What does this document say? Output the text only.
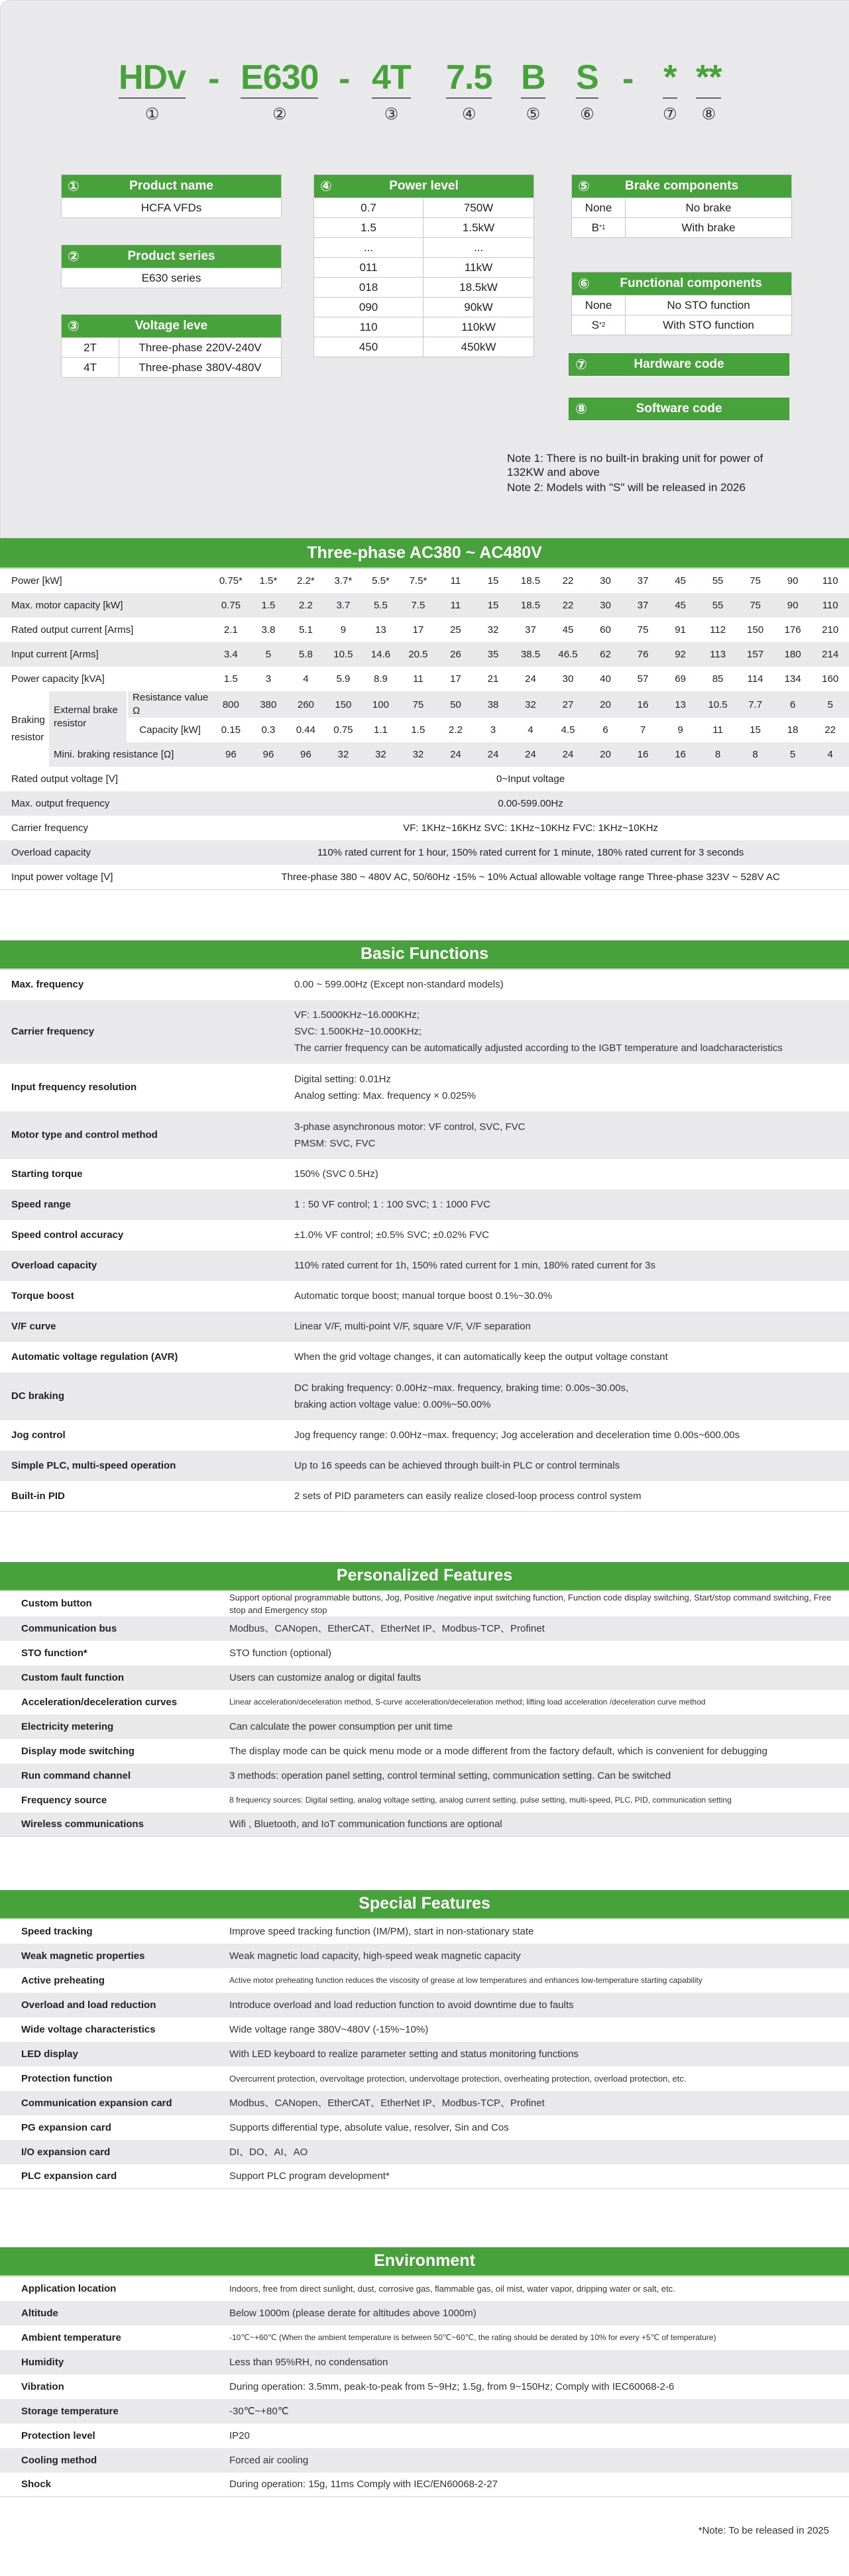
HDv
①
- E630
②
- 4T
③
7.5
④
B
⑤
S
⑥
- *
⑦
**
⑧
①	Product name
HCFA VFDs
②	Product series
E630 series
③	Voltage leve
2T	Three-phase 220V-240V
4T	Three-phase 380V-480V
④	Power level
0.7	750W
1.5	1.5kW
...	...
011	11kW
018	18.5kW
090	90kW
110	110kW
450	450kW
⑤	Brake components
None	No brake
B *1	With brake
⑥	Functional components
None	No STO function
S *2	With STO function
⑦	Hardware code
⑧	Software code
Note 1: There is no built-in braking unit for power of 132KW and above
Note 2: Models with "S" will be released in 2026
Three-phase AC380 ~ AC480V
Power [kW]			0.75*	1.5*	2.2*	3.7*	5.5*	7.5*	11	15	18.5	22	30	37	45	55	75	90	110
Max. motor capacity [kW]			0.75	1.5	2.2	3.7	5.5	7.5	11	15	18.5	22	30	37	45	55	75	90	110
Rated output current [Arms]			2.1	3.8	5.1	9	13	17	25	32	37	45	60	75	91	112	150	176	210
Input current [Arms]			3.4	5	5.8	10.5	14.6	20.5	26	35	38.5	46.5	62	76	92	113	157	180	214
Power capacity [kVA]			1.5	3	4	5.9	8.9	11	17	21	24	30	40	57	69	85	114	134	160
Braking resistor	External brake resistor	Resistance value Ω	800	380	260	150	100	75	50	38	32	27	20	16	13	10.5	7.7	6	5
		Capacity [kW]	0.15	0.3	0.44	0.75	1.1	1.5	2.2	3	4	4.5	6	7	9	11	15	18	22
	Mini. braking resistance [Ω]		96	96	96	32	32	32	24	24	24	24	20	16	16	8	8	5	4
Rated output voltage [V]			0~Input voltage																
Max. output frequency			0.00-599.00Hz																
Carrier frequency			VF: 1KHz~16KHz SVC: 1KHz~10KHz FVC: 1KHz~10KHz																
Overload capacity			110% rated current for 1 hour, 150% rated current for 1 minute, 180% rated current for 3 seconds																
Input power voltage [V]			Three-phase 380 ~ 480V AC, 50/60Hz -15% ~ 10% Actual allowable voltage range Three-phase 323V ~ 528V AC																
Basic Functions
Max. frequency	0.00 ~ 599.00Hz (Except non-standard models)
Carrier frequency
VF: 1.5000KHz~16.000KHz;
SVC: 1.500KHz~10.000KHz;
The carrier frequency can be automatically adjusted according to the IGBT temperature and loadcharacteristics
Input frequency resolution
Digital setting: 0.01Hz
Analog setting: Max. frequency × 0.025%
Motor type and control method
3-phase asynchronous motor: VF control, SVC, FVC
PMSM: SVC, FVC
Starting torque	150% (SVC 0.5Hz)
Speed range	1 : 50 VF control; 1 : 100 SVC; 1 : 1000 FVC
Speed control accuracy	±1.0% VF control; ±0.5% SVC; ±0.02% FVC
Overload capacity	110% rated current for 1h, 150% rated current for 1 min, 180% rated current for 3s
Torque boost	Automatic torque boost; manual torque boost 0.1%~30.0%
V/F curve	Linear V/F, multi-point V/F, square V/F, V/F separation
Automatic voltage regulation (AVR)	When the grid voltage changes, it can automatically keep the output voltage constant
DC braking
DC braking frequency: 0.00Hz~max. frequency, braking time: 0.00s~30.00s,
braking action voltage value: 0.00%~50.00%
Jog control	Jog frequency range: 0.00Hz~max. frequency; Jog acceleration and deceleration time 0.00s~600.00s
Simple PLC, multi-speed operation	Up to 16 speeds can be achieved through built-in PLC or control terminals
Built-in PID	2 sets of PID parameters can easily realize closed-loop process control system
Personalized Features
Custom button
Support optional programmable buttons, Jog, Positive /negative input switching function, Function code display switching, Start/stop command switching, Free stop and Emergency stop
Communication bus	Modbus、CANopen、EtherCAT、EtherNet IP、Modbus-TCP、Profinet
STO function*	STO function (optional)
Custom fault function	Users can customize analog or digital faults
Acceleration/deceleration curves	Linear acceleration/deceleration method, S-curve acceleration/deceleration method; lifting load acceleration /deceleration curve method
Electricity metering	Can calculate the power consumption per unit time
Display mode switching	The display mode can be quick menu mode or a mode different from the factory default, which is convenient for debugging
Run command channel	3 methods: operation panel setting, control terminal setting, communication setting. Can be switched
Frequency source	8 frequency sources: Digital setting, analog voltage setting, analog current setting, pulse setting, multi-speed, PLC, PID, communication setting
Wireless communications	Wifi , Bluetooth, and IoT communication functions are optional
Special Features
Speed tracking	Improve speed tracking function (IM/PM), start in non-stationary state
Weak magnetic properties	Weak magnetic load capacity, high-speed weak magnetic capacity
Active preheating	Active motor preheating function reduces the viscosity of grease at low temperatures and enhances low-temperature starting capability
Overload and load reduction	Introduce overload and load reduction function to avoid downtime due to faults
Wide voltage characteristics	Wide voltage range 380V~480V (-15%~10%)
LED display	With LED keyboard to realize parameter setting and status monitoring functions
Protection function	Overcurrent protection, overvoltage protection, undervoltage protection, overheating protection, overload protection, etc.
Communication expansion card	Modbus、CANopen、EtherCAT、EtherNet IP、Modbus-TCP、Profinet
PG expansion card	Supports differential type, absolute value, resolver, Sin and Cos
I/O expansion card	DI、DO、AI、AO
PLC expansion card	Support PLC program development*
Environment
Application location	Indoors, free from direct sunlight, dust, corrosive gas, flammable gas, oil mist, water vapor, dripping water or salt, etc.
Altitude	Below 1000m (please derate for altitudes above 1000m)
Ambient temperature	-10℃~+60℃ (When the ambient temperature is between 50℃~60℃, the rating should be derated by 10% for every +5℃ of temperature)
Humidity	Less than 95%RH, no condensation
Vibration	During operation: 3.5mm, peak-to-peak from 5~9Hz; 1.5g, from 9~150Hz; Comply with IEC60068-2-6
Storage temperature	-30℃~+80℃
Protection level	IP20
Cooling method	Forced air cooling
Shock	During operation: 15g, 11ms Comply with IEC/EN60068-2-27
*Note: To be released in 2025
